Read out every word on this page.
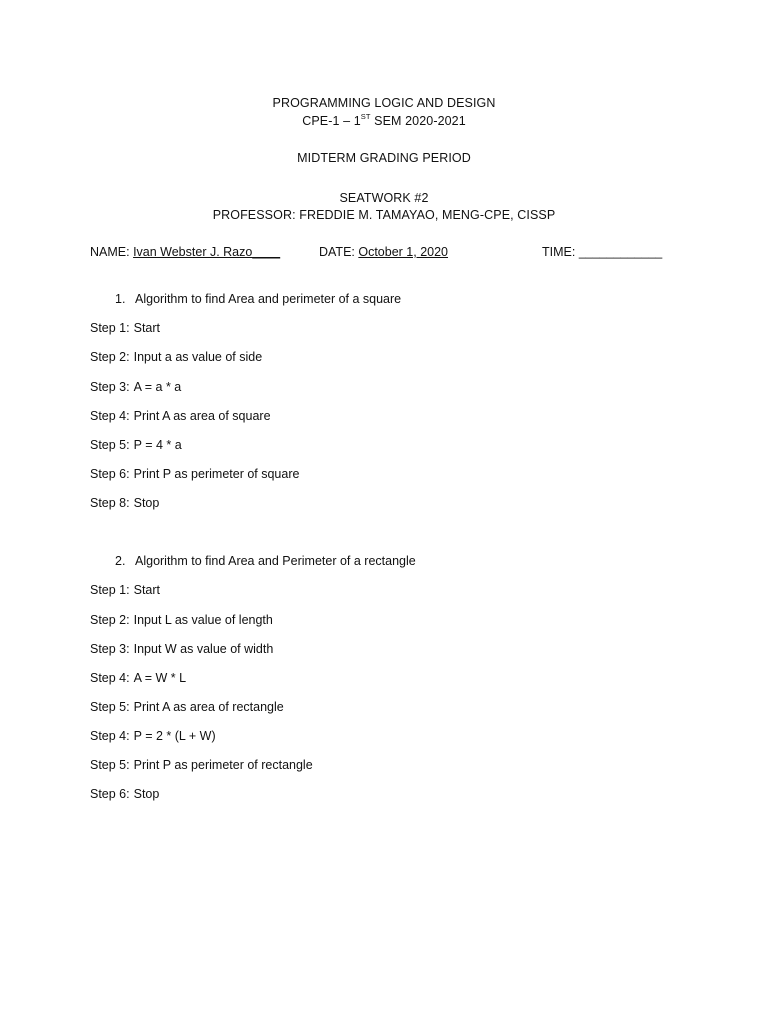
PROGRAMMING LOGIC AND DESIGN
CPE-1 – 1ST SEM 2020-2021
MIDTERM GRADING PERIOD
SEATWORK #2
PROFESSOR: FREDDIE M. TAMAYAO, MENG-CPE, CISSP
NAME: Ivan Webster J. Razo____	DATE: October 1, 2020	TIME: ____________
1. Algorithm to find Area and perimeter of a square
Step 1: Start
Step 2: Input a as value of side
Step 3: A = a * a
Step 4: Print A as area of square
Step 5: P = 4 * a
Step 6: Print P as perimeter of square
Step 8: Stop
2. Algorithm to find Area and Perimeter of a rectangle
Step 1: Start
Step 2: Input L as value of length
Step 3: Input W as value of width
Step 4: A = W * L
Step 5: Print A as area of rectangle
Step 4: P = 2 * (L + W)
Step 5: Print P as perimeter of rectangle
Step 6: Stop
